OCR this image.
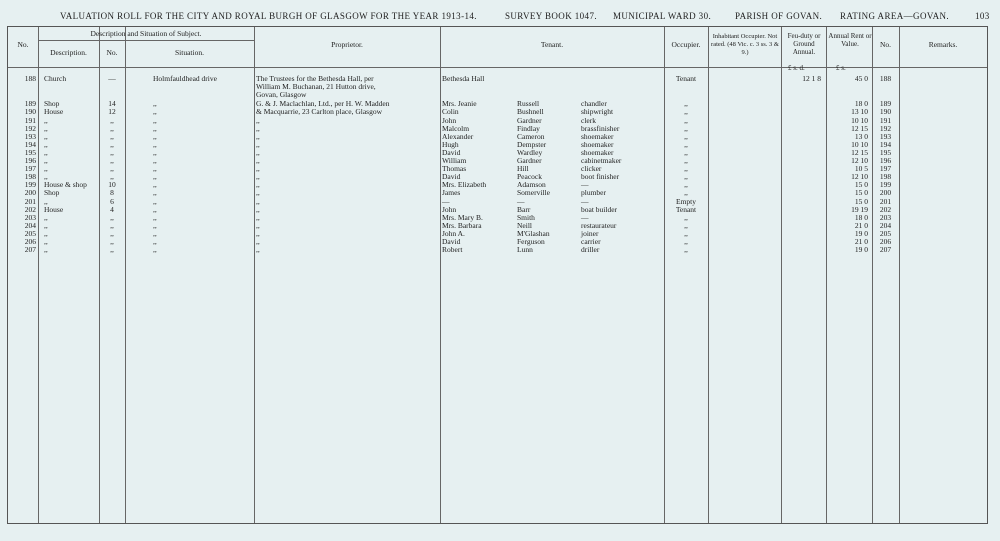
VALUATION ROLL FOR THE CITY AND ROYAL BURGH OF GLASGOW FOR THE YEAR 1913-14.	SURVEY BOOK 1047. MUNICIPAL WARD 30.	PARISH OF GOVAN. RATING AREA—GOVAN.	103
No.
Description and Situation of Subject.
Description.	No.	Situation.
Proprietor.	Tenant.	Occupier.
Inhabitant Occupier. Not rated. (48 Vic. c. 3 ss. 3 & 9.)
Feu-duty or Ground Annual.
Annual Rent or Value.	No.	Remarks.
£ s. d.	£ s.
188 Church	—	Holmfauldhead drive	The Trustees for the Bethesda Hall, per	Bethesda Hall	Tenant	12 1 8	45 0	188
William M. Buchanan, 21 Hutton drive,
Govan, Glasgow
189 Shop	14	,,	G. & J. Maclachlan, Ltd., per H. W. Madden	Mrs. Jeanie	Russell	chandler	,,	18 0	189
190 House	12	,,	& Macquarrie, 23 Carlton place, Glasgow	Colin	Bushnell	shipwright	,,	13 10	190
191 ,,	,,	,,	,,	John	Gardner	clerk	,,	10 10	191
192 ,,	,,	,,	,,	Malcolm	Findlay	brassfinisher	,,	12 15	192
193 ,,	,,	,,	,,	Alexander	Cameron	shoemaker	,,	13 0	193
194 ,,	,,	,,	,,	Hugh	Dempster	shoemaker	,,	10 10	194
195 ,,	,,	,,	,,	David	Wardley	shoemaker	,,	12 15	195
196 ,,	,,	,,	,,	William	Gardner	cabinetmaker	,,	12 10	196
197 ,,	,,	,,	,,	Thomas	Hill	clicker	,,	10 5	197
198 ,,	,,	,,	,,	David	Peacock	boot finisher	,,	12 10	198
199 House & shop	10	,,	,,	Mrs. Elizabeth	Adamson	—	,,	15 0	199
200 Shop	8	,,	,,	James	Somerville	plumber	,,	15 0	200
201 ,,	6	,,	,,	—	—	—	Empty	15 0	201
202 House	4	,,	,,	John	Barr	boat builder	Tenant	19 19	202
203 ,,	,,	,,	,,	Mrs. Mary B.	Smith	—	,,	18 0	203
204 ,,	,,	,,	,,	Mrs. Barbara	Neill	restaurateur	,,	21 0	204
205 ,,	,,	,,	,,	John A.	M'Glashan	joiner	,,	19 0	205
206 ,,	,,	,,	,,	David	Ferguson	carrier	,,	21 0	206
207 ,,	,,	,,	,,	Robert	Lunn	driller	,,	19 0	207
